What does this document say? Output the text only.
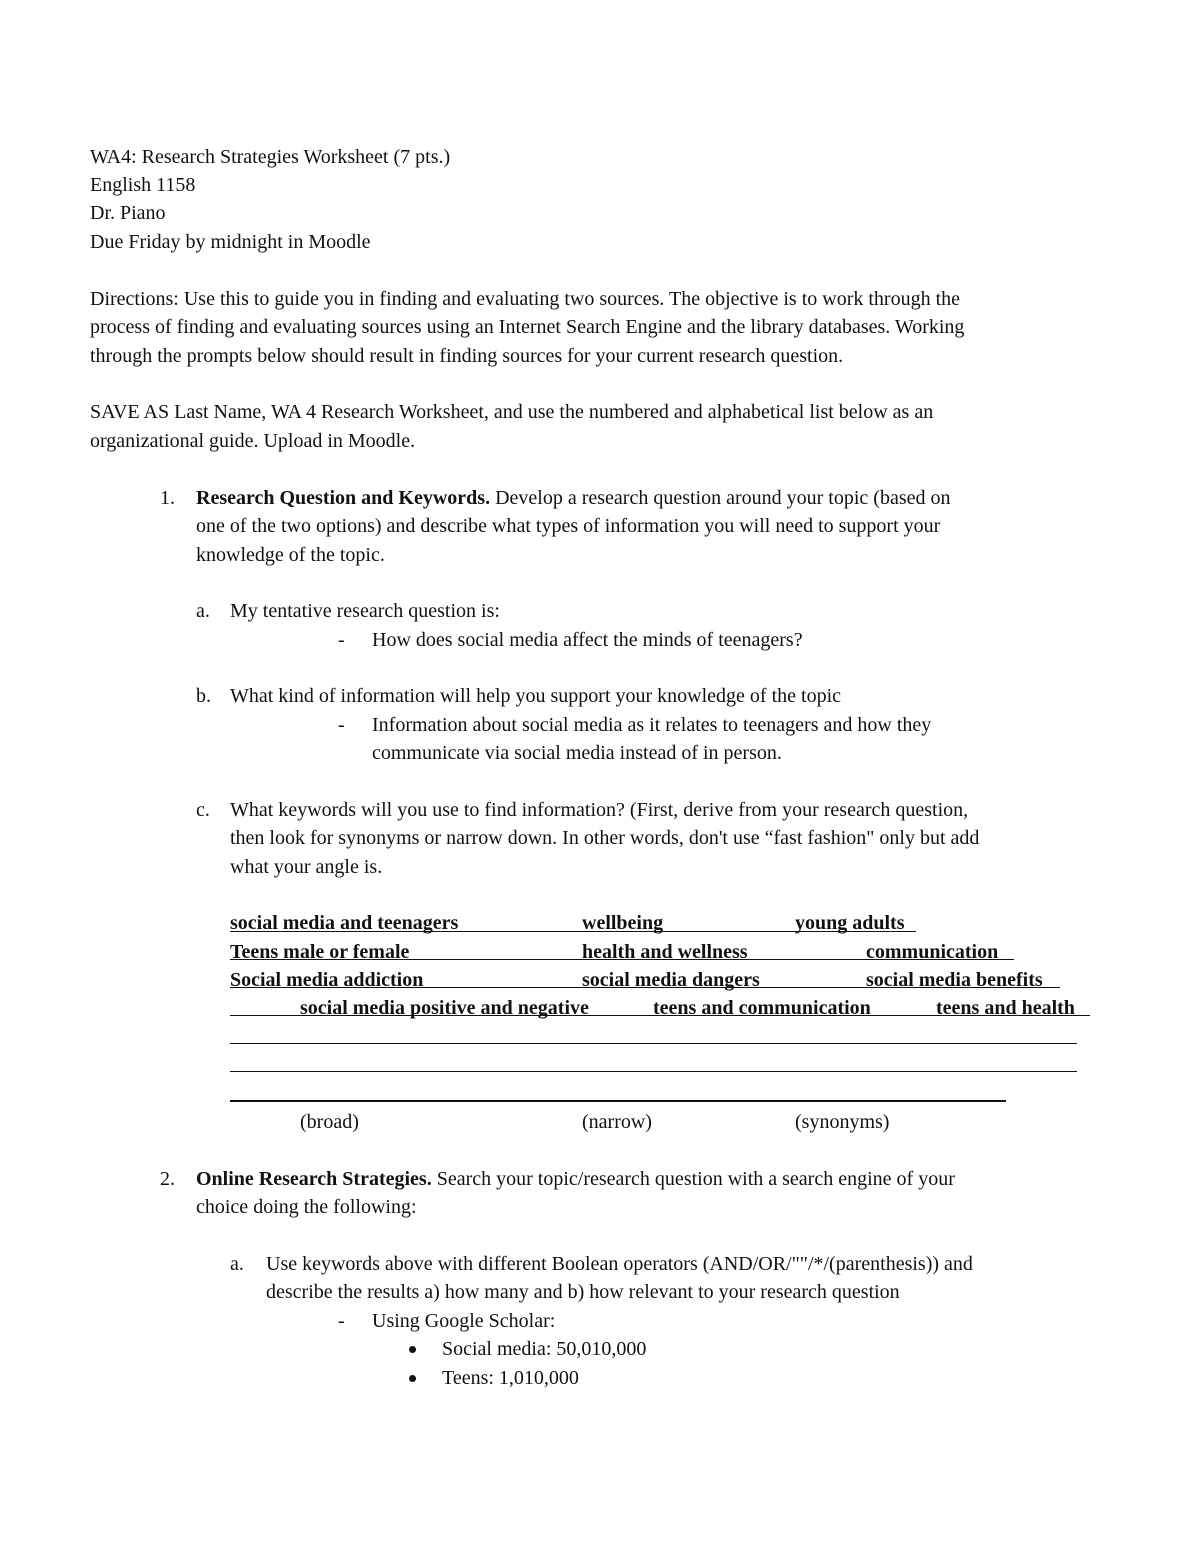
WA4: Research Strategies Worksheet (7 pts.)
English 1158
Dr. Piano
Due Friday by midnight in Moodle
Directions: Use this to guide you in finding and evaluating two sources. The objective is to work through the
process of finding and evaluating sources using an Internet Search Engine and the library databases. Working
through the prompts below should result in finding sources for your current research question.
SAVE AS Last Name, WA 4 Research Worksheet, and use the numbered and alphabetical list below as an
organizational guide. Upload in Moodle.
1. Research Question and Keywords. Develop a research question around your topic (based on
one of the two options) and describe what types of information you will need to support your
knowledge of the topic.
a. My tentative research question is:
- How does social media affect the minds of teenagers?
b. What kind of information will help you support your knowledge of the topic
- Information about social media as it relates to teenagers and how they
communicate via social media instead of in person.
c. What keywords will you use to find information? (First, derive from your research question,
then look for synonyms or narrow down. In other words, don't use “fast fashion" only but add
what your angle is.
social media and teenagers	wellbeing	young adults
Teens male or female	health and wellness	communication
Social media addiction	social media dangers	social media benefits
social media positive and negative	teens and communication	teens and health
(broad)	(narrow)	(synonyms)
2. Online Research Strategies. Search your topic/research question with a search engine of your
choice doing the following:
a. Use keywords above with different Boolean operators (AND/OR/""/*/(parenthesis)) and
describe the results a) how many and b) how relevant to your research question
- Using Google Scholar:
Social media: 50,010,000
Teens: 1,010,000
